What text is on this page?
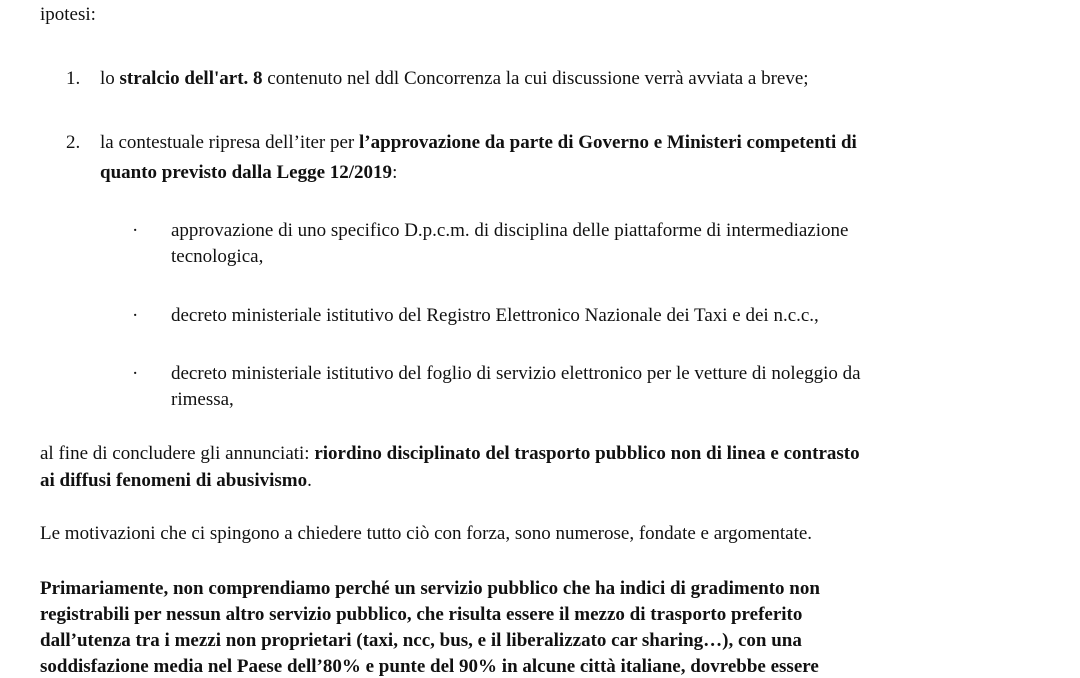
ipotesi:
1. lo stralcio dell'art. 8 contenuto nel ddl Concorrenza la cui discussione verrà avviata a breve;
2. la contestuale ripresa dell’iter per l’approvazione da parte di Governo e Ministeri competenti di
quanto previsto dalla Legge 12/2019:
· approvazione di uno specifico D.p.c.m. di disciplina delle piattaforme di intermediazione
tecnologica,
· decreto ministeriale istitutivo del Registro Elettronico Nazionale dei Taxi e dei n.c.c.,
· decreto ministeriale istitutivo del foglio di servizio elettronico per le vetture di noleggio da
rimessa,
al fine di concludere gli annunciati: riordino disciplinato del trasporto pubblico non di linea e contrasto
ai diffusi fenomeni di abusivismo.
Le motivazioni che ci spingono a chiedere tutto ciò con forza, sono numerose, fondate e argomentate.
Primariamente, non comprendiamo perché un servizio pubblico che ha indici di gradimento non
registrabili per nessun altro servizio pubblico, che risulta essere il mezzo di trasporto preferito
dall’utenza tra i mezzi non proprietari (taxi, ncc, bus, e il liberalizzato car sharing…), con una
soddisfazione media nel Paese dell’80% e punte del 90% in alcune città italiane, dovrebbe essere
